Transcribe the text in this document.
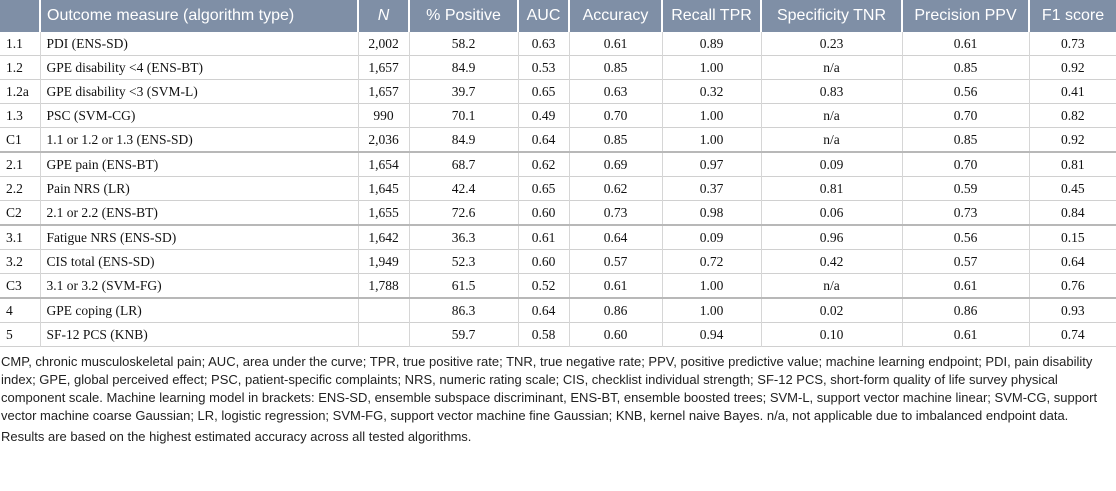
	Outcome measure (algorithm type)	N	% Positive	AUC	Accuracy	Recall TPR	Specificity TNR	Precision PPV	F1 score
1.1	PDI (ENS-SD)	2,002	58.2	0.63	0.61	0.89	0.23	0.61	0.73
1.2	GPE disability <4 (ENS-BT)	1,657	84.9	0.53	0.85	1.00	n/a	0.85	0.92
1.2a	GPE disability <3 (SVM-L)	1,657	39.7	0.65	0.63	0.32	0.83	0.56	0.41
1.3	PSC (SVM-CG)	990	70.1	0.49	0.70	1.00	n/a	0.70	0.82
C1	1.1 or 1.2 or 1.3 (ENS-SD)	2,036	84.9	0.64	0.85	1.00	n/a	0.85	0.92
2.1	GPE pain (ENS-BT)	1,654	68.7	0.62	0.69	0.97	0.09	0.70	0.81
2.2	Pain NRS (LR)	1,645	42.4	0.65	0.62	0.37	0.81	0.59	0.45
C2	2.1 or 2.2 (ENS-BT)	1,655	72.6	0.60	0.73	0.98	0.06	0.73	0.84
3.1	Fatigue NRS (ENS-SD)	1,642	36.3	0.61	0.64	0.09	0.96	0.56	0.15
3.2	CIS total (ENS-SD)	1,949	52.3	0.60	0.57	0.72	0.42	0.57	0.64
C3	3.1 or 3.2 (SVM-FG)	1,788	61.5	0.52	0.61	1.00	n/a	0.61	0.76
4	GPE coping (LR)		86.3	0.64	0.86	1.00	0.02	0.86	0.93
5	SF-12 PCS (KNB)		59.7	0.58	0.60	0.94	0.10	0.61	0.74

CMP, chronic musculoskeletal pain; AUC, area under the curve; TPR, true positive rate; TNR, true negative rate; PPV, positive predictive value; machine learning endpoint; PDI, pain disability index; GPE, global perceived effect; PSC, patient-specific complaints; NRS, numeric rating scale; CIS, checklist individual strength; SF-12 PCS, short-form quality of life survey physical component scale. Machine learning model in brackets: ENS-SD, ensemble subspace discriminant, ENS-BT, ensemble boosted trees; SVM-L, support vector machine linear; SVM-CG, support vector machine coarse Gaussian; LR, logistic regression; SVM-FG, support vector machine fine Gaussian; KNB, kernel naive Bayes. n/a, not applicable due to imbalanced endpoint data.

Results are based on the highest estimated accuracy across all tested algorithms.
